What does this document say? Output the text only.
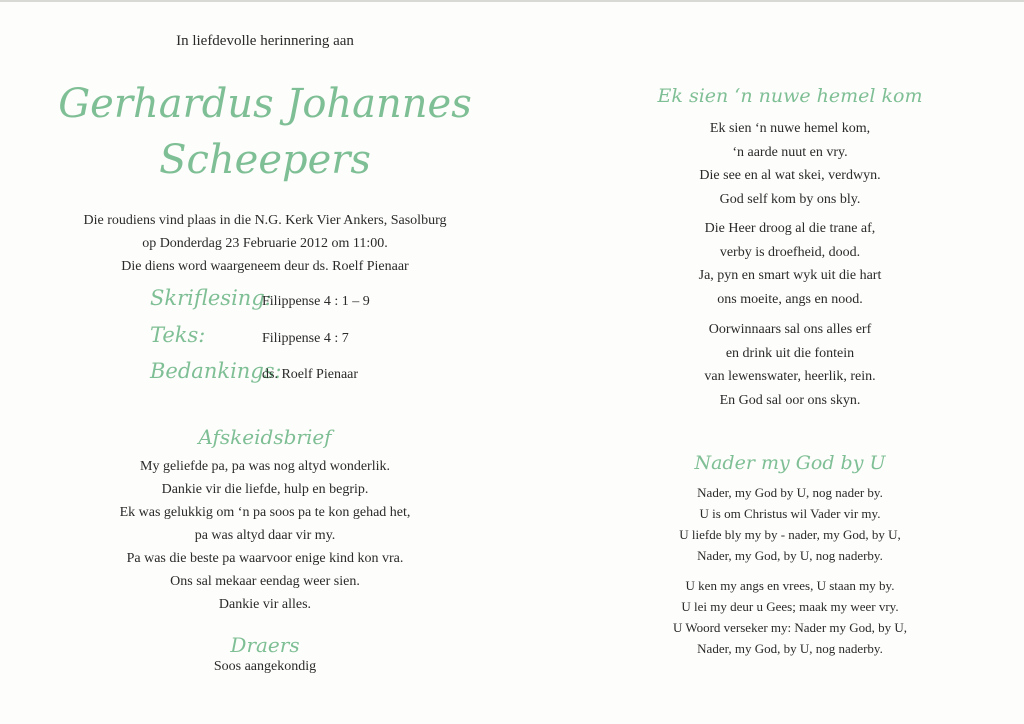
In liefdevolle herinnering aan
Gerhardus Johannes
Scheepers
Die roudiens vind plaas in die N.G. Kerk Vier Ankers, Sasolburg
op Donderdag 23 Februarie 2012 om 11:00.
Die diens word waargeneem deur ds. Roelf Pienaar
Skriflesing:Filippense 4 : 1 – 9
Teks:	Filippense 4 : 7
Bedankings:ds. Roelf Pienaar
Afskeidsbrief
My geliefde pa, pa was nog altyd wonderlik.
Dankie vir die liefde, hulp en begrip.
Ek was gelukkig om ‘n pa soos pa te kon gehad het,
pa was altyd daar vir my.
Pa was die beste pa waarvoor enige kind kon vra.
Ons sal mekaar eendag weer sien.
Dankie vir alles.
Draers
Soos aangekondig
Ek sien ‘n nuwe hemel kom
Ek sien ‘n nuwe hemel kom,
‘n aarde nuut en vry.
Die see en al wat skei, verdwyn.
God self kom by ons bly.
Die Heer droog al die trane af,
verby is droefheid, dood.
Ja, pyn en smart wyk uit die hart
ons moeite, angs en nood.
Oorwinnaars sal ons alles erf
en drink uit die fontein
van lewenswater, heerlik, rein.
En God sal oor ons skyn.
Nader my God by U
Nader, my God by U, nog nader by.
U is om Christus wil Vader vir my.
U liefde bly my by - nader, my God, by U,
Nader, my God, by U, nog naderby.
U ken my angs en vrees, U staan my by.
U lei my deur u Gees; maak my weer vry.
U Woord verseker my: Nader my God, by U,
Nader, my God, by U, nog naderby.
